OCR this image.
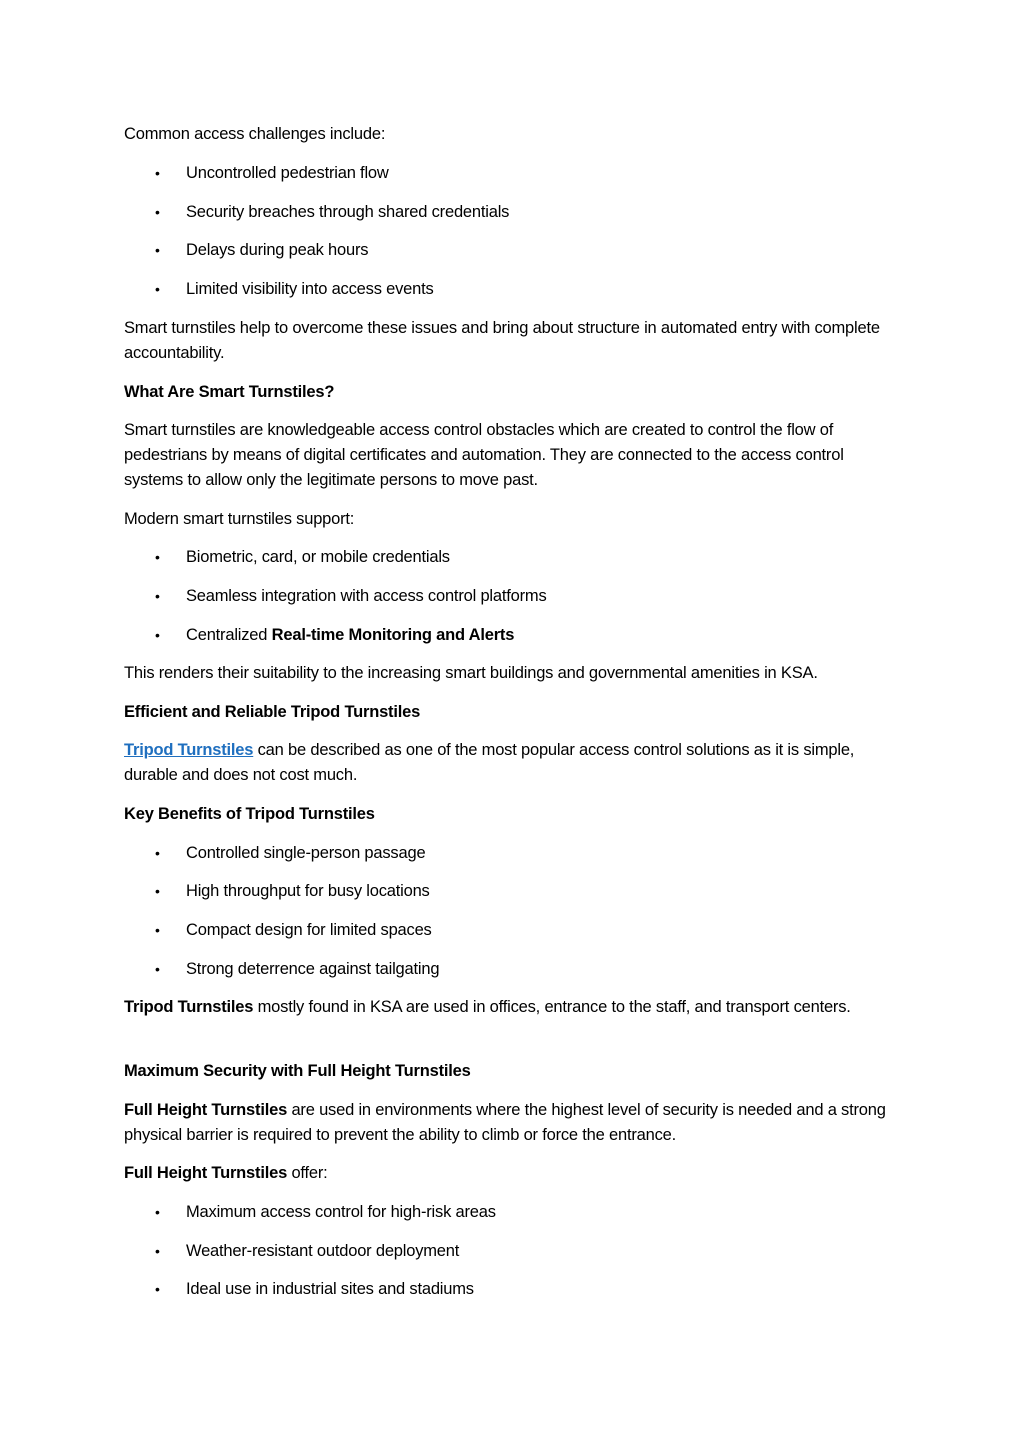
Common access challenges include:

• Uncontrolled pedestrian flow
• Security breaches through shared credentials
• Delays during peak hours
• Limited visibility into access events

Smart turnstiles help to overcome these issues and bring about structure in automated entry with complete accountability.

What Are Smart Turnstiles?

Smart turnstiles are knowledgeable access control obstacles which are created to control the flow of pedestrians by means of digital certificates and automation. They are connected to the access control systems to allow only the legitimate persons to move past.

Modern smart turnstiles support:

• Biometric, card, or mobile credentials
• Seamless integration with access control platforms
• Centralized Real-time Monitoring and Alerts

This renders their suitability to the increasing smart buildings and governmental amenities in KSA.

Efficient and Reliable Tripod Turnstiles

Tripod Turnstiles can be described as one of the most popular access control solutions as it is simple, durable and does not cost much.

Key Benefits of Tripod Turnstiles

• Controlled single-person passage
• High throughput for busy locations
• Compact design for limited spaces
• Strong deterrence against tailgating

Tripod Turnstiles mostly found in KSA are used in offices, entrance to the staff, and transport centers.

Maximum Security with Full Height Turnstiles

Full Height Turnstiles are used in environments where the highest level of security is needed and a strong physical barrier is required to prevent the ability to climb or force the entrance.

Full Height Turnstiles offer:

• Maximum access control for high-risk areas
• Weather-resistant outdoor deployment
• Ideal use in industrial sites and stadiums
